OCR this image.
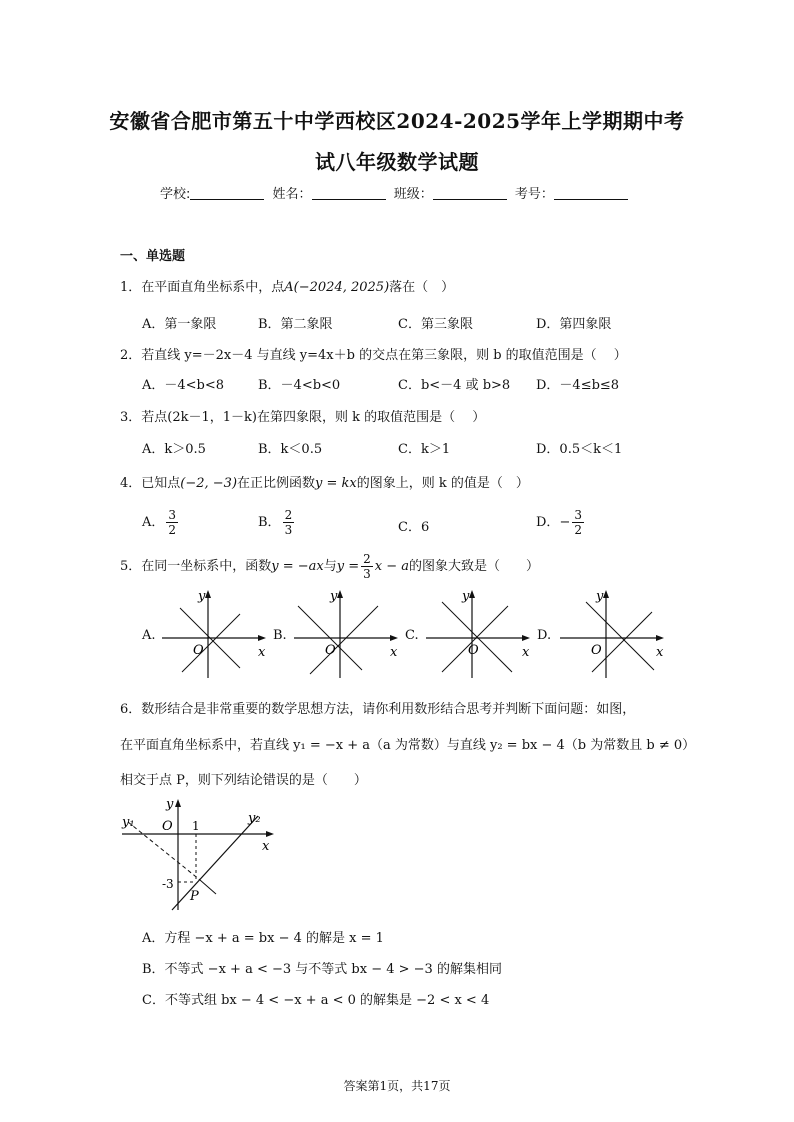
安徽省合肥市第五十中学西校区2024-2025学年上学期期中考
试八年级数学试题
学校:	姓名：	班级：	考号：
一、单选题
1．在平面直角坐标系中，点A(−2024, 2025)落在（　）
A．第一象限	B．第二象限	C．第三象限	D．第四象限
2．若直线 y=－2x－4 与直线 y=4x＋b 的交点在第三象限，则 b 的取值范围是（　 ）
A．－4<b<8	B．－4<b<0	C．b<－4 或 b>8 D．－4≤b≤8
3．若点(2k－1，1－k)在第四象限，则 k 的取值范围是（　 ）
A．k＞0.5	B．k＜0.5	C．k＞1	D．0.5＜k＜1
4．已知点(−2, −3)在正比例函数y = kx的图象上，则 k 的值是（　）
A． $\frac{3}{2}$	B． $\frac{2}{3}$	C．6	D．− $\frac{3}{2}$
5．在同一坐标系中，函数y = −ax与$y = \frac{2}{3}$ x − a的图象大致是（　　）
A.	B.	C.	D.
y
x
O
y
x
O
y
x
O
y
x
O
6．数形结合是非常重要的数学思想方法，请你利用数形结合思考并判断下面问题：如图，
在平面直角坐标系中，若直线 y₁ = −x + a（a 为常数）与直线 y₂ = bx − 4（b 为常数且 b ≠ 0）
相交于点 P，则下列结论错误的是（　　）
y₁	y₂
y
x
O 1
-3
P
A．方程 −x + a = bx − 4 的解是 x = 1
B．不等式 −x + a < −3 与不等式 bx − 4 > −3 的解集相同
C．不等式组 bx − 4 < −x + a < 0 的解集是 −2 < x < 4
答案第1页，共17页
